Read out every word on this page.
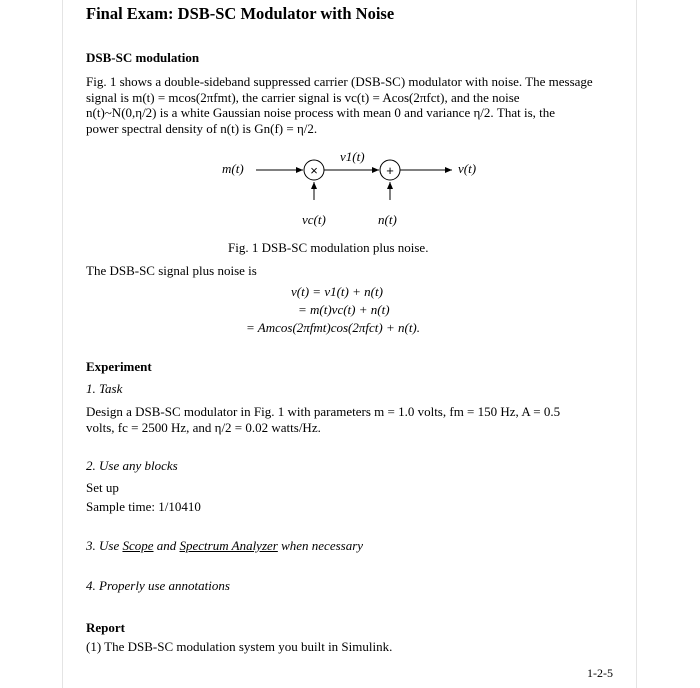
Final Exam: DSB-SC Modulator with Noise
DSB-SC modulation
Fig. 1 shows a double-sideband suppressed carrier (DSB-SC) modulator with noise. The message
signal is m(t) = mcos(2πfmt), the carrier signal is vc(t) = Acos(2πfct), and the noise
n(t)~N(0,η/2) is a white Gaussian noise process with mean 0 and variance η/2. That is, the
power spectral density of n(t) is Gn(f) = η/2.
m(t)	×
v1(t)
+	v(t)
vc(t)	n(t)
Fig. 1 DSB-SC modulation plus noise.
The DSB-SC signal plus noise is
v(t) = v1(t) + n(t)
= m(t)vc(t) + n(t)
= Amcos(2πfmt)cos(2πfct) + n(t).
Experiment
1. Task
Design a DSB-SC modulator in Fig. 1 with parameters m = 1.0 volts, fm = 150 Hz, A = 0.5
volts, fc = 2500 Hz, and η/2 = 0.02 watts/Hz.
2. Use any blocks
Set up
Sample time: 1/10410
3. Use Scope and Spectrum Analyzer when necessary
4. Properly use annotations
Report
(1) The DSB-SC modulation system you built in Simulink.
1-2-5
